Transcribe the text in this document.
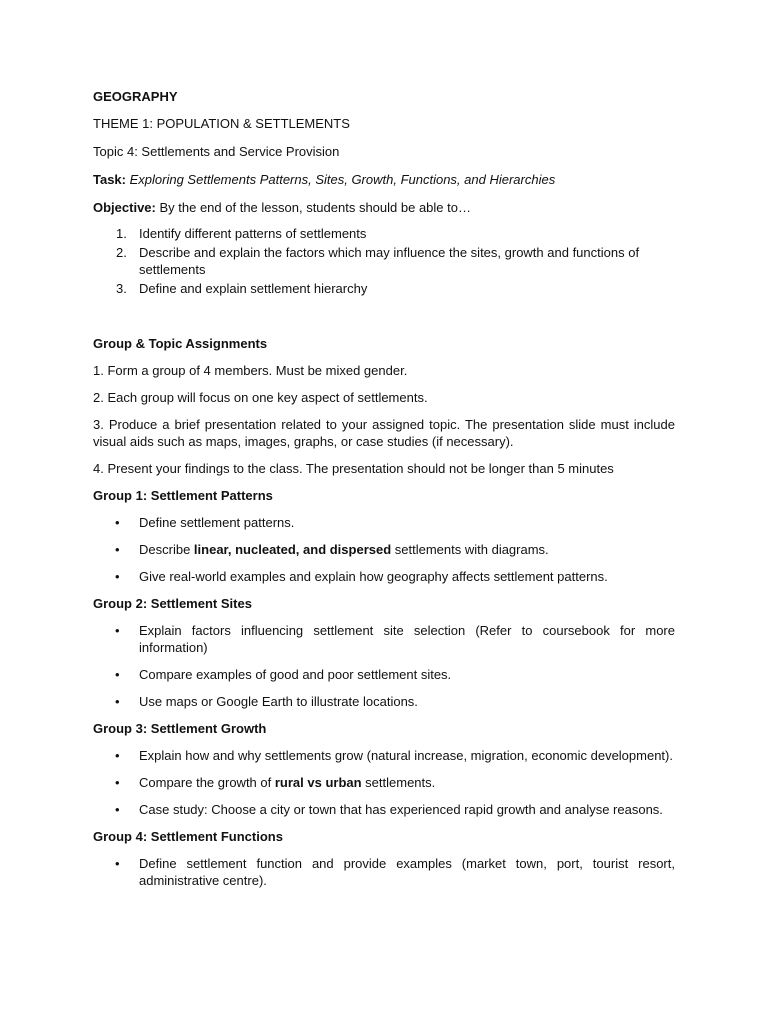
GEOGRAPHY

THEME 1: POPULATION & SETTLEMENTS

Topic 4: Settlements and Service Provision

Task: Exploring Settlements Patterns, Sites, Growth, Functions, and Hierarchies

Objective: By the end of the lesson, students should be able to…

1. Identify different patterns of settlements
2. Describe and explain the factors which may influence the sites, growth and functions of settlements
3. Define and explain settlement hierarchy

Group & Topic Assignments

1. Form a group of 4 members. Must be mixed gender.

2. Each group will focus on one key aspect of settlements.

3. Produce a brief presentation related to your assigned topic. The presentation slide must include visual aids such as maps, images, graphs, or case studies (if necessary).

4. Present your findings to the class. The presentation should not be longer than 5 minutes

Group 1: Settlement Patterns

• Define settlement patterns.
• Describe linear, nucleated, and dispersed settlements with diagrams.
• Give real-world examples and explain how geography affects settlement patterns.

Group 2: Settlement Sites

• Explain factors influencing settlement site selection (Refer to coursebook for more information)
• Compare examples of good and poor settlement sites.
• Use maps or Google Earth to illustrate locations.

Group 3: Settlement Growth

• Explain how and why settlements grow (natural increase, migration, economic development).
• Compare the growth of rural vs urban settlements.
• Case study: Choose a city or town that has experienced rapid growth and analyse reasons.

Group 4: Settlement Functions

• Define settlement function and provide examples (market town, port, tourist resort, administrative centre).
